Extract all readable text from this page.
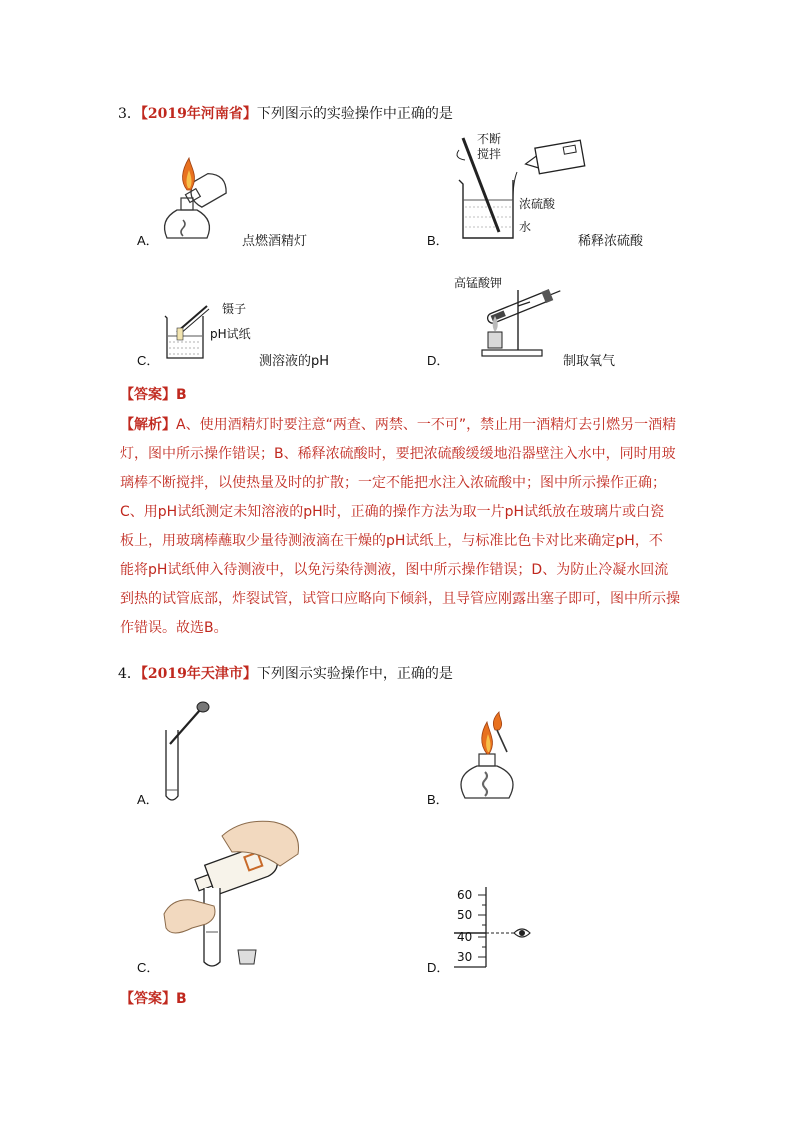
3．【2019年河南省】下列图示的实验操作中正确的是
A．	点燃酒精灯	B．
不断
搅拌
浓硫酸
水
稀释浓硫酸
C．
镊子
pH试纸
测溶液的pH	D．
高锰酸钾
制取氧气
【答案】B
【解析】A、使用酒精灯时要注意“两查、两禁、一不可”，禁止用一酒精灯去引燃另一酒精
灯，图中所示操作错误；B、稀释浓硫酸时，要把浓硫酸缓缓地沿器壁注入水中，同时用玻
璃棒不断搅拌，以使热量及时的扩散；一定不能把水注入浓硫酸中；图中所示操作正确；
C、用pH试纸测定未知溶液的pH时，正确的操作方法为取一片pH试纸放在玻璃片或白瓷
板上，用玻璃棒蘸取少量待测液滴在干燥的pH试纸上，与标准比色卡对比来确定pH，不
能将pH试纸伸入待测液中，以免污染待测液，图中所示操作错误；D、为防止冷凝水回流
到热的试管底部，炸裂试管，试管口应略向下倾斜，且导管应刚露出塞子即可，图中所示操
作错误。故选B。
4．【2019年天津市】下列图示实验操作中，正确的是
A．	B．
C．	D．
60
50
40
30
【答案】B
